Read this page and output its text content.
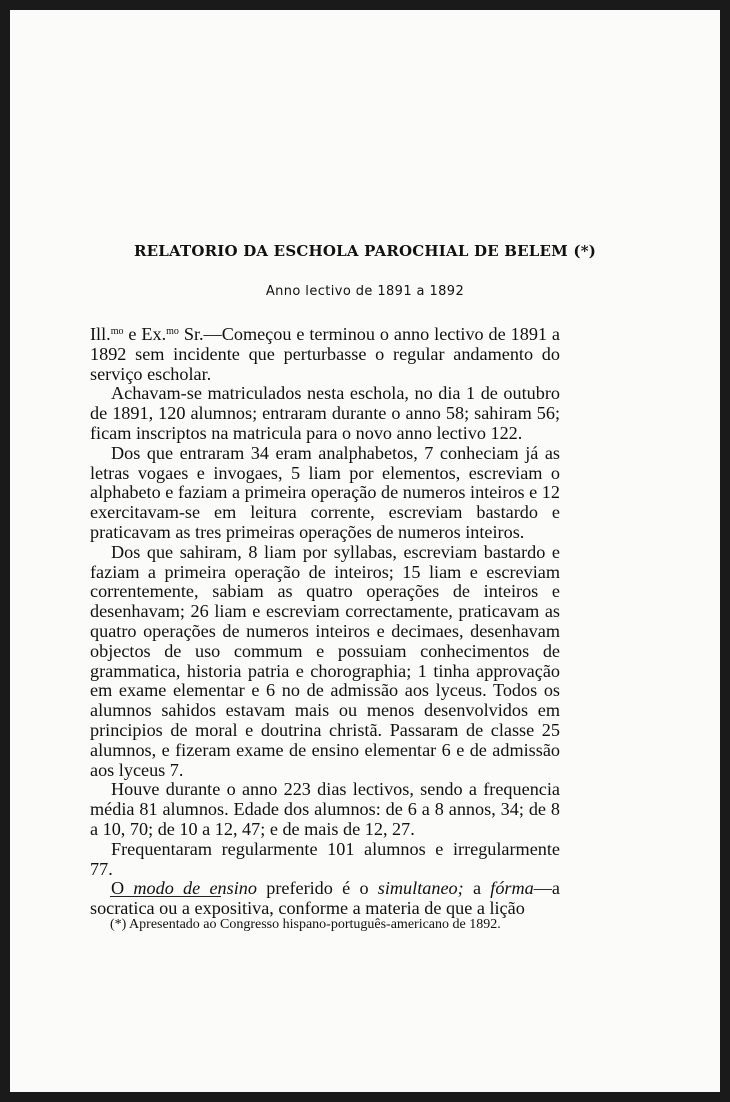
RELATORIO DA ESCHOLA PAROCHIAL DE BELEM (*)
Anno lectivo de 1891 a 1892

Ill.$^{mo}$ e Ex.$^{mo}$ Sr.—Começou e terminou o anno lectivo de 1891 a 1892 sem incidente que perturbasse o regular andamento do serviço escholar.

Achavam-se matriculados nesta eschola, no dia 1 de outubro de 1891, 120 alumnos; entraram durante o anno 58; sahiram 56; ficam inscriptos na matricula para o novo anno lectivo 122.

Dos que entraram 34 eram analphabetos, 7 conheciam já as letras vogaes e invogaes, 5 liam por elementos, escreviam o alphabeto e faziam a primeira operação de numeros inteiros e 12 exercitavam-se em leitura corrente, escreviam bastardo e praticavam as tres primeiras operações de numeros inteiros.

Dos que sahiram, 8 liam por syllabas, escreviam bastardo e faziam a primeira operação de inteiros; 15 liam e escreviam correntemente, sabiam as quatro operações de inteiros e desenhavam; 26 liam e escreviam correctamente, praticavam as quatro operações de numeros inteiros e decimaes, desenhavam objectos de uso commum e possuiam conhecimentos de grammatica, historia patria e chorographia; 1 tinha approvação em exame elementar e 6 no de admissão aos lyceus. Todos os alumnos sahidos estavam mais ou menos desenvolvidos em principios de moral e doutrina christã. Passaram de classe 25 alumnos, e fizeram exame de ensino elementar 6 e de admissão aos lyceus 7.

Houve durante o anno 223 dias lectivos, sendo a frequencia média 81 alumnos. Edade dos alumnos: de 6 a 8 annos, 34; de 8 a 10, 70; de 10 a 12, 47; e de mais de 12, 27.

Frequentaram regularmente 101 alumnos e irregularmente 77.

O modo de ensino preferido é o simultaneo; a fórma—a socratica ou a expositiva, conforme a materia de que a lição

(*) Apresentado ao Congresso hispano-português-americano de 1892.
